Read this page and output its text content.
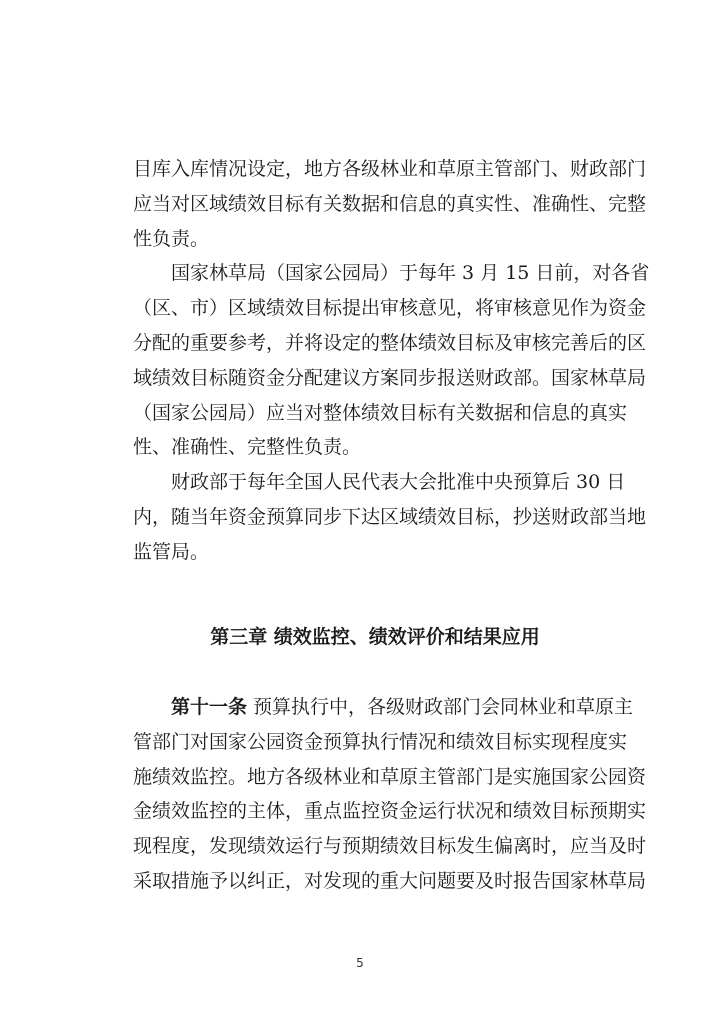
目库入库情况设定，地方各级林业和草原主管部门、财政部门
应当对区域绩效目标有关数据和信息的真实性、准确性、完整
性负责。
国家林草局（国家公园局）于每年 3 月 15 日前，对各省
（区、市）区域绩效目标提出审核意见，将审核意见作为资金
分配的重要参考，并将设定的整体绩效目标及审核完善后的区
域绩效目标随资金分配建议方案同步报送财政部。国家林草局
（国家公园局）应当对整体绩效目标有关数据和信息的真实
性、准确性、完整性负责。
财政部于每年全国人民代表大会批准中央预算后 30 日
内，随当年资金预算同步下达区域绩效目标，抄送财政部当地
监管局。
第三章 绩效监控、绩效评价和结果应用
第十一条 预算执行中，各级财政部门会同林业和草原主
管部门对国家公园资金预算执行情况和绩效目标实现程度实
施绩效监控。地方各级林业和草原主管部门是实施国家公园资
金绩效监控的主体，重点监控资金运行状况和绩效目标预期实
现程度，发现绩效运行与预期绩效目标发生偏离时，应当及时
采取措施予以纠正，对发现的重大问题要及时报告国家林草局
5
